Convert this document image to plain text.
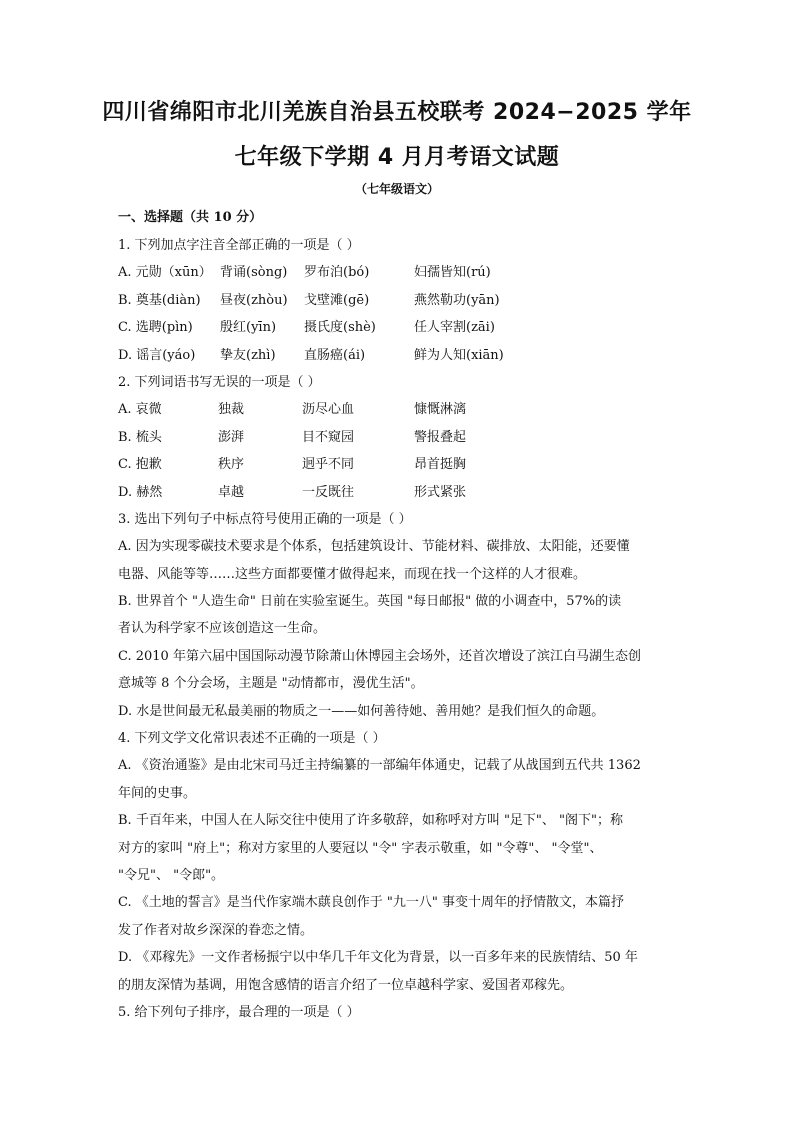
四川省绵阳市北川羌族自治县五校联考 2024−2025 学年
七年级下学期 4 月月考语文试题
（七年级语文）
一、选择题（共 10 分）
1. 下列加点字注音全部正确的一项是（ ）
A. 元勋（xūn） 背诵(sòng)	罗布泊(bó)	妇孺皆知(rú)
B. 奠基(diàn)	昼夜(zhòu)	戈壁滩(gē)	燕然勒功(yān)
C. 选聘(pìn)	殷红(yīn)	摄氏度(shè)	任人宰割(zāi)
D. 谣言(yáo)	挚友(zhì)	直肠癌(ái)	鲜为人知(xiān)
2. 下列词语书写无误的一项是（ ）
A. 哀微	独裁	沥尽心血	慷慨淋漓
B. 梳头	澎湃	目不窥园	警报叠起
C. 抱歉	秩序	迥乎不同	昂首挺胸
D. 赫然	卓越	一反既往	形式紧张
3. 选出下列句子中标点符号使用正确的一项是（ ）
A. 因为实现零碳技术要求是个体系，包括建筑设计、节能材料、碳排放、太阳能，还要懂
电器、风能等等……这些方面都要懂才做得起来，而现在找一个这样的人才很难。
B. 世界首个 "人造生命" 日前在实验室诞生。英国 "每日邮报" 做的小调查中，57%的读
者认为科学家不应该创造这一生命。
C. 2010 年第六届中国国际动漫节除萧山休博园主会场外，还首次增设了滨江白马湖生态创
意城等 8 个分会场，主题是 "动情都市，漫优生活"。
D. 水是世间最无私最美丽的物质之一——如何善待她、善用她？是我们恒久的命题。
4. 下列文学文化常识表述不正确的一项是（ ）
A. 《资治通鉴》是由北宋司马迁主持编纂的一部编年体通史，记载了从战国到五代共 1362
年间的史事。
B. 千百年来，中国人在人际交往中使用了许多敬辞，如称呼对方叫 "足下"、 "阁下"；称
对方的家叫 "府上"；称对方家里的人要冠以 "令" 字表示敬重，如 "令尊"、 "令堂"、
"令兄"、 "令郎"。
C. 《土地的誓言》是当代作家端木蕻良创作于 "九一八" 事变十周年的抒情散文，本篇抒
发了作者对故乡深深的眷恋之情。
D. 《邓稼先》一文作者杨振宁以中华几千年文化为背景，以一百多年来的民族情结、50 年
的朋友深情为基调，用饱含感情的语言介绍了一位卓越科学家、爱国者邓稼先。
5. 给下列句子排序，最合理的一项是（ ）
